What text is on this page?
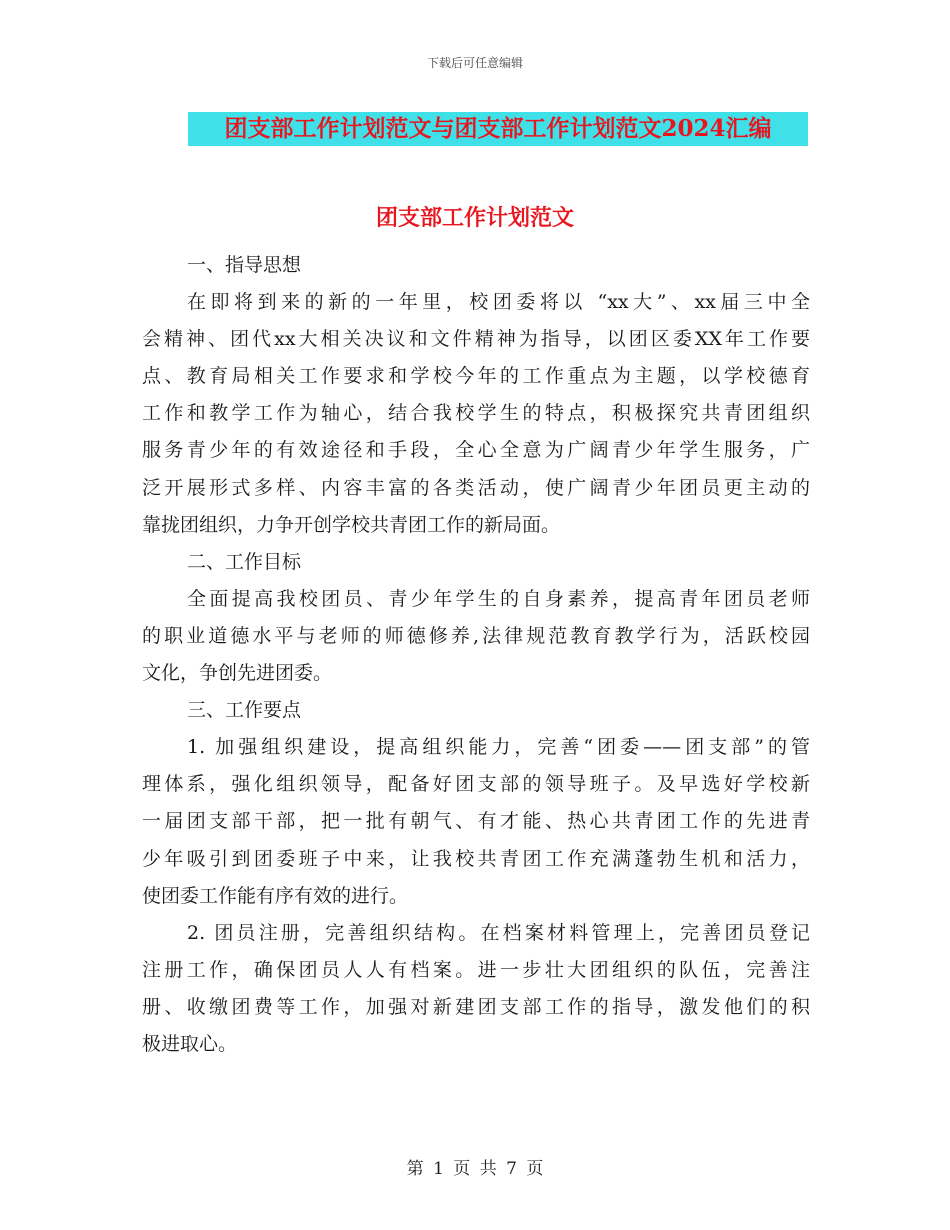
下载后可任意编辑
团支部工作计划范文与团支部工作计划范文2024汇编
团支部工作计划范文
一、指导思想
在即将到来的新的一年里，校团委将以 “xx大”、xx届三中全
会精神、团代xx大相关决议和文件精神为指导，以团区委XX年工作要
点、教育局相关工作要求和学校今年的工作重点为主题，以学校德育
工作和教学工作为轴心，结合我校学生的特点，积极探究共青团组织
服务青少年的有效途径和手段，全心全意为广阔青少年学生服务，广
泛开展形式多样、内容丰富的各类活动，使广阔青少年团员更主动的
靠拢团组织，力争开创学校共青团工作的新局面。
二、工作目标
全面提高我校团员、青少年学生的自身素养，提高青年团员老师
的职业道德水平与老师的师德修养,法律规范教育教学行为，活跃校园
文化，争创先进团委。
三、工作要点
1. 加强组织建设，提高组织能力，完善“团委——团支部”的管
理体系，强化组织领导，配备好团支部的领导班子。及早选好学校新
一届团支部干部，把一批有朝气、有才能、热心共青团工作的先进青
少年吸引到团委班子中来，让我校共青团工作充满蓬勃生机和活力，
使团委工作能有序有效的进行。
2. 团员注册，完善组织结构。在档案材料管理上，完善团员登记
注册工作，确保团员人人有档案。进一步壮大团组织的队伍，完善注
册、收缴团费等工作，加强对新建团支部工作的指导，激发他们的积
极进取心。
第 1 页 共 7 页
